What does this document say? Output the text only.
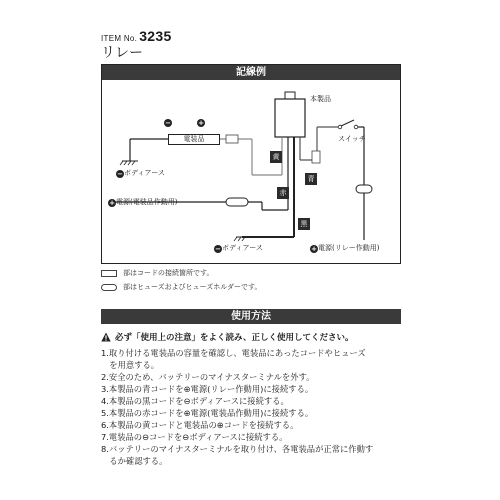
ITEM No. 3235
リレー
記線例
−	+
電装品
本製品
スイッチ
−ボディアース
+電源(電装品作動用)
−ボディアース	+電源(リレー作動用)
黄
青
赤
黒
部はコードの接続箇所です。
部はヒューズおよびヒューズホルダーです。
使用方法
必ず「使用上の注意」をよく読み、正しく使用してください。
1.取り付ける電装品の容量を確認し、電装品にあったコードやヒューズ
　を用意する。
2.安全のため、バッテリーのマイナスターミナルを外す。
3.本製品の青コードを⊕電源(リレー作動用)に接続する。
4.本製品の黒コードを⊖ボディアースに接続する。
5.本製品の赤コードを⊕電源(電装品作動用)に接続する。
6.本製品の黄コードと電装品の⊕コードを接続する。
7.電装品の⊖コードを⊖ボディアースに接続する。
8.バッテリーのマイナスターミナルを取り付け、各電装品が正常に作動す
　るか確認する。
